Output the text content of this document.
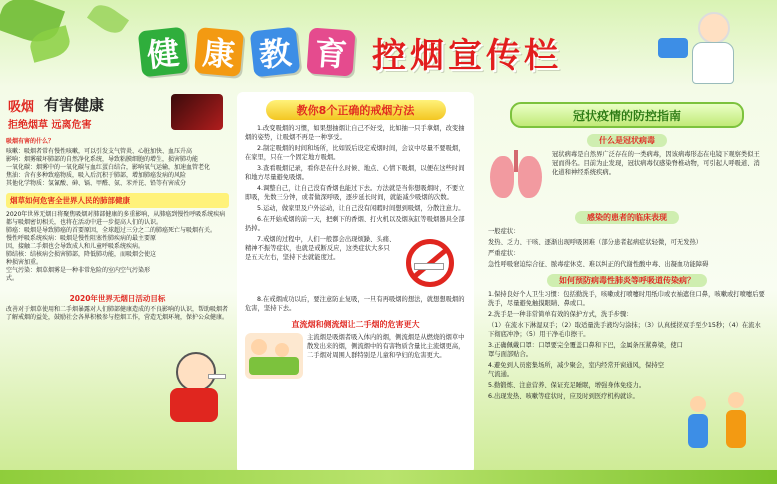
健 康 教 育 控烟宣传栏
吸烟 有害健康
拒绝烟草 远离危害

吸烟有害的什么？

咳嗽：吸烟者常有慢性咳嗽，可以引发支气管炎、心脏加快、血压升高

影响：烟雾破坏肺部的自然净化系统，导致粘膜细胞的增生，损害肺功能

一氧化碳：烟雾中的一氧化碳与血红蛋白结合，影响氧气运输，加速血管老化

焦油：含有多种致癌物质，吸入后沉积于肺部，增加肺癌发病的风险

其他化学物质：氢氰酸、砷、镉、甲醛、氨、苯并芘、铅等有害成分

烟草如何危害全世界人民的肺部健康

2020年世界无烟日将聚焦吸烟对肺部健康的多重影响，从肺癌到慢性呼吸系统疾病都与吸烟密切相关，也将在活动中进一步提高人们的认识。

肺癌：吸烟是导致肺癌的首要原因，全球超过三分之二的肺癌死亡与吸烟有关。

慢性呼吸系统疾病：吸烟是慢性阻塞性肺疾病的最主要原因，接触二手烟也会导致成人和儿童呼吸系统疾病。

肺结核：结核病会损害肺部，降低肺功能，而吸烟会使这种损害加重。

空气污染：烟草烟雾是一种非常危险的室内空气污染形式。

2020年世界无烟日活动目标

改善对于烟草使用和二手烟暴露对人们肺部健康造成的不良影响的认识，帮助吸烟者了解戒烟的益处，鼓励社会各界积极参与控烟工作，营造无烟环境，保护公众健康。

教你8个正确的戒烟方法

1.改变吸烟的习惯，如果想抽烟让自己不好受，比如抽一只手拿烟，改变抽烟的姿势，让吸烟不再是一种享受。

2.制定吸烟的时间和场所，比如饭后设定戒烟时间，会议中尽量不要吸烟，在家里，只在一个固定地方吸烟。

3.查看吸烟记录，看你是在什么时候、地点、心情下吸烟，以便在这些时间和地方尽量避免吸烟。

4.调整自己，让自己没有香烟也能过下去。方法就是当你想吸烟时，不要立即吸，先数三分钟，或者做深呼吸，逐步延长时间，就能减少吸烟的次数。

5.运动，做家里及户外运动，让自己没有闲暇时间想到吸烟，分散注意力。

6.在开始戒烟的前一天，把剩下的香烟、打火机以及烟灰缸等吸烟器具全部扔掉。

7.戒烟的过程中，人们一般都会出现烦躁、头痛、精神不振等症状，也就是戒断反应，这类症状大多只是五天左右，坚持下去就能度过。

8.在戒烟成功以后，要注意防止复吸，一旦有再吸烟的想法，就想想吸烟的危害，坚持下去。

直流烟和侧流烟让二手烟的危害更大

主流烟是吸烟者吸入体内的烟，侧流烟是从燃烧的烟草中散发出来的烟，侧流烟中的有害物质含量比主流烟更高，二手烟对周围人群特别是儿童和孕妇的危害更大。

冠状疫情的防控指南
什么是冠状病毒

冠状病毒是自然界广泛存在的一类病毒，因该病毒形态在电镜下观察类似王冠而得名。目前为止发现，冠状病毒仅感染脊椎动物，可引起人呼吸道、消化道和神经系统疾病。

感染的患者的临床表现

一般症状：

发热、乏力、干咳、逐渐出现呼吸困难（部分患者起病症状轻微，可无发热）

严重症状：

急性呼吸窘迫综合征、脓毒症休克、难以纠正的代谢性酸中毒、出凝血功能障碍

如何预防病毒性肺炎等呼吸道传染病？

1.保持良好个人卫生习惯：包括勤洗手，咳嗽或打喷嚏时用纸巾或衣袖遮住口鼻，咳嗽或打喷嚏后要洗手，尽量避免触摸眼睛、鼻或口。

2.洗手是一种非常简单有效的保护方式，洗手步骤：

（1）在流水下淋湿双手；（2）取适量洗手液均匀涂抹；（3）认真揉搓双手至少15秒；（4）在流水下彻底冲净；（5）用干净毛巾擦干。

3.正确佩戴口罩：口罩要完全覆盖口鼻和下巴，金属条压紧鼻梁，使口罩与面部贴合。

4.避免到人员密集场所，减少聚会，室内经常开窗通风，保持空气流通。

5.勤锻炼、注意营养、保证充足睡眠，增强身体免疫力。

6.出现发热、咳嗽等症状时，应及时到医疗机构就诊。
